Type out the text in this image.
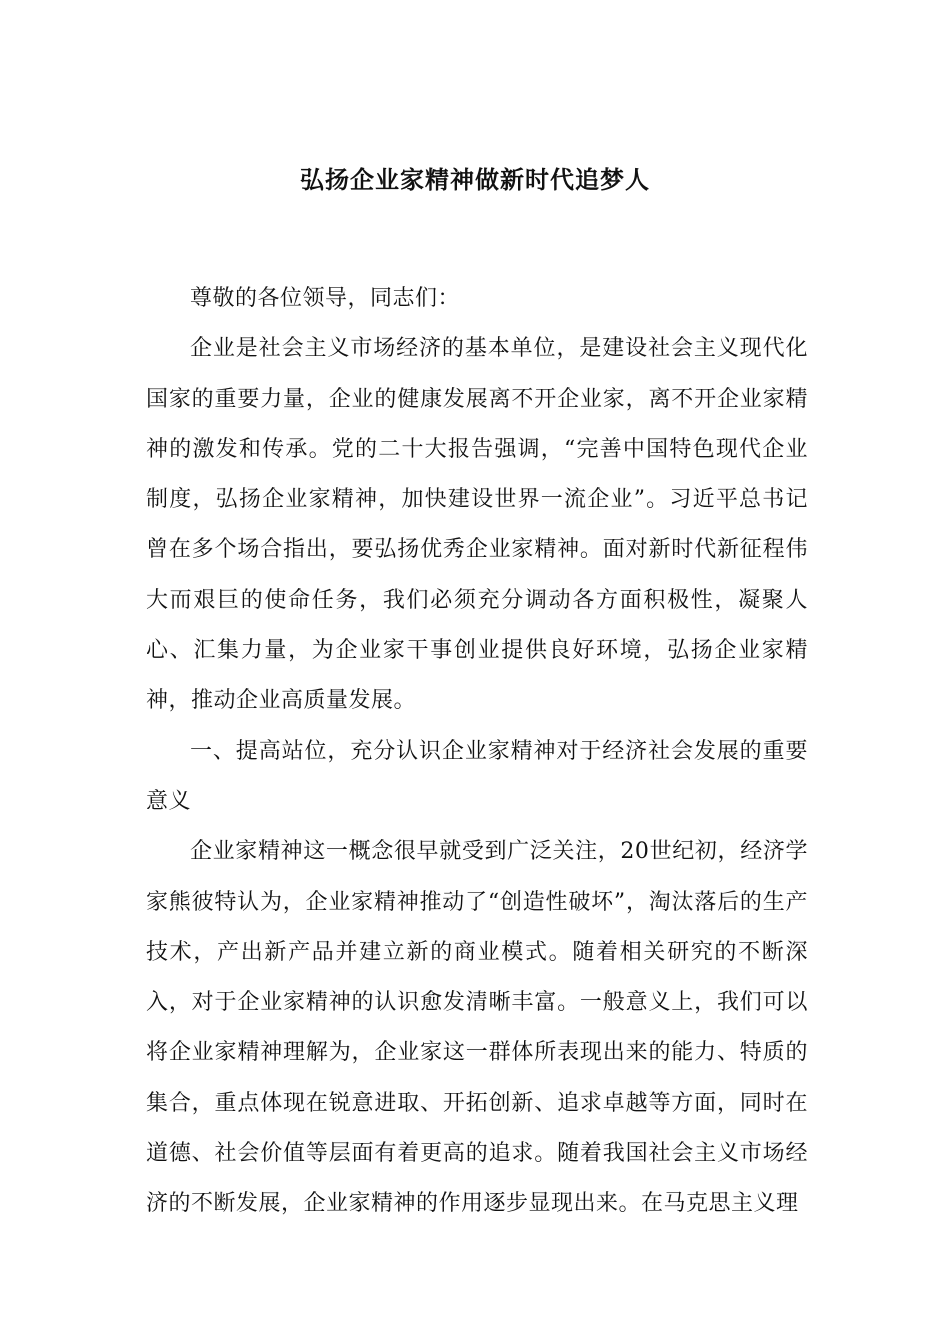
弘扬企业家精神做新时代追梦人

尊敬的各位领导，同志们：

企业是社会主义市场经济的基本单位，是建设社会主义现代化国家的重要力量，企业的健康发展离不开企业家，离不开企业家精神的激发和传承。党的二十大报告强调，“完善中国特色现代企业制度，弘扬企业家精神，加快建设世界一流企业”。习近平总书记曾在多个场合指出，要弘扬优秀企业家精神。面对新时代新征程伟大而艰巨的使命任务，我们必须充分调动各方面积极性，凝聚人心、汇集力量，为企业家干事创业提供良好环境，弘扬企业家精神，推动企业高质量发展。

一、提高站位，充分认识企业家精神对于经济社会发展的重要意义

企业家精神这一概念很早就受到广泛关注，20世纪初，经济学家熊彼特认为，企业家精神推动了“创造性破坏”，淘汰落后的生产技术，产出新产品并建立新的商业模式。随着相关研究的不断深入，对于企业家精神的认识愈发清晰丰富。一般意义上，我们可以将企业家精神理解为，企业家这一群体所表现出来的能力、特质的集合，重点体现在锐意进取、开拓创新、追求卓越等方面，同时在道德、社会价值等层面有着更高的追求。随着我国社会主义市场经济的不断发展，企业家精神的作用逐步显现出来。在马克思主义理
